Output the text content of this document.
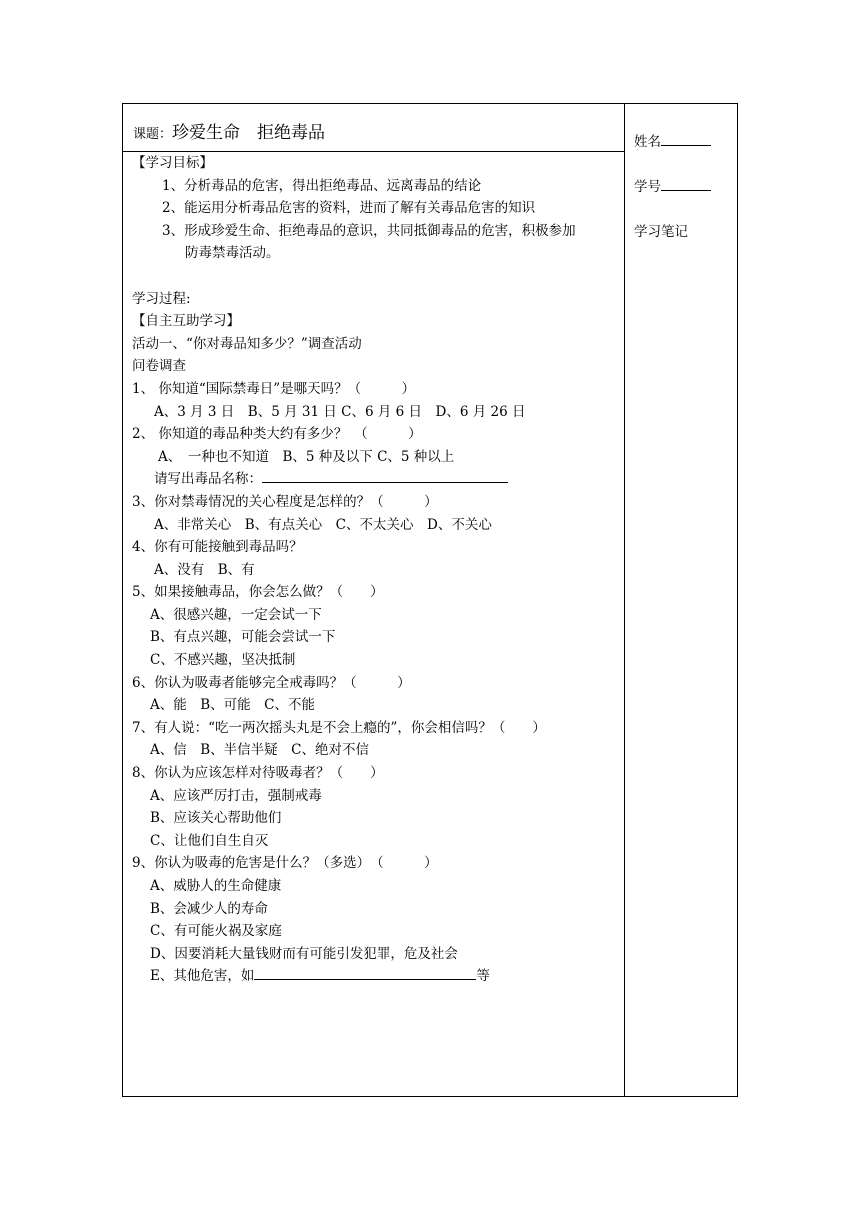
课题：珍爱生命　拒绝毒品	姓名
学号
学习笔记
【学习目标】
1、分析毒品的危害，得出拒绝毒品、远离毒品的结论
2、能运用分析毒品危害的资料，进而了解有关毒品危害的知识
3、形成珍爱生命、拒绝毒品的意识，共同抵御毒品的危害，积极参加
防毒禁毒活动。
学习过程:
【自主互助学习】
活动一、“你对毒品知多少？”调查活动
问卷调查
1、 你知道“国际禁毒日”是哪天吗？（　　　）
A、3 月 3 日　B、5 月 31 日 C、6 月 6 日　D、6 月 26 日
2、 你知道的毒品种类大约有多少？　（　　　）
A、　一种也不知道　B、5 种及以下 C、5 种以上
请写出毒品名称：
3、你对禁毒情况的关心程度是怎样的？（　　　）
A、非常关心　B、有点关心　C、不太关心　D、不关心
4、你有可能接触到毒品吗？
A、没有　B、有
5、如果接触毒品，你会怎么做？（　　）
A、很感兴趣，一定会试一下
B、有点兴趣，可能会尝试一下
C、不感兴趣，坚决抵制
6、你认为吸毒者能够完全戒毒吗？（　　　）
A、能　B、可能　C、不能
7、有人说：“吃一两次摇头丸是不会上瘾的”，你会相信吗？（　　）
A、信　B、半信半疑　C、绝对不信
8、你认为应该怎样对待吸毒者？（　　）
A、应该严厉打击，强制戒毒
B、应该关心帮助他们
C、让他们自生自灭
9、你认为吸毒的危害是什么？（多选）　（　　　）
A、威胁人的生命健康
B、会减少人的寿命
C、有可能火祸及家庭
D、因要消耗大量钱财而有可能引发犯罪，危及社会
E、其他危害，如	等
